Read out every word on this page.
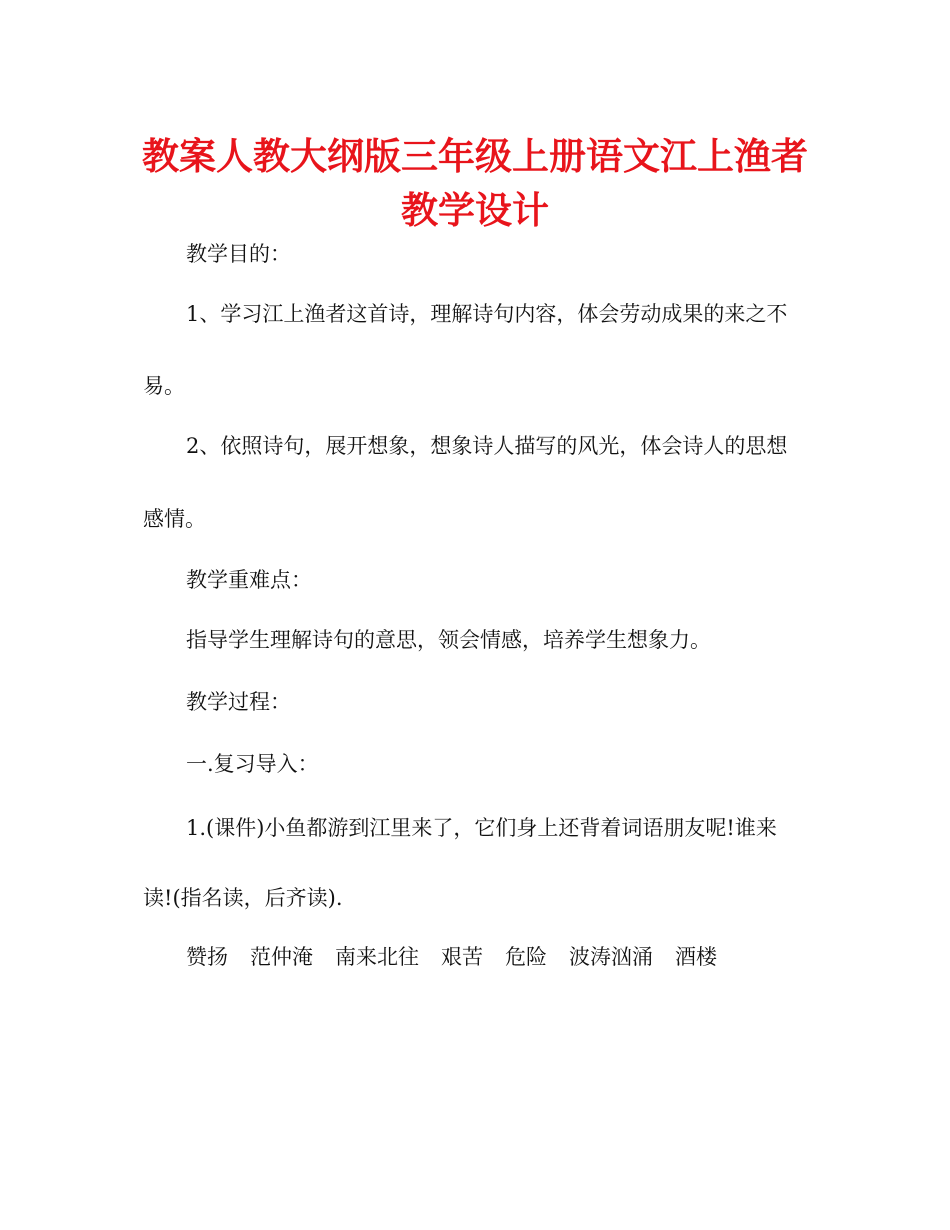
教案人教大纲版三年级上册语文江上渔者
教学设计
教学目的：
1、学习江上渔者这首诗，理解诗句内容，体会劳动成果的来之不
易。
2、依照诗句，展开想象，想象诗人描写的风光，体会诗人的思想
感情。
教学重难点：
指导学生理解诗句的意思，领会情感，培养学生想象力。
教学过程：
一.复习导入：
1.(课件)小鱼都游到江里来了，它们身上还背着词语朋友呢!谁来
读!(指名读，后齐读).
赞扬 范仲淹 南来北往 艰苦 危险 波涛汹涌 酒楼
